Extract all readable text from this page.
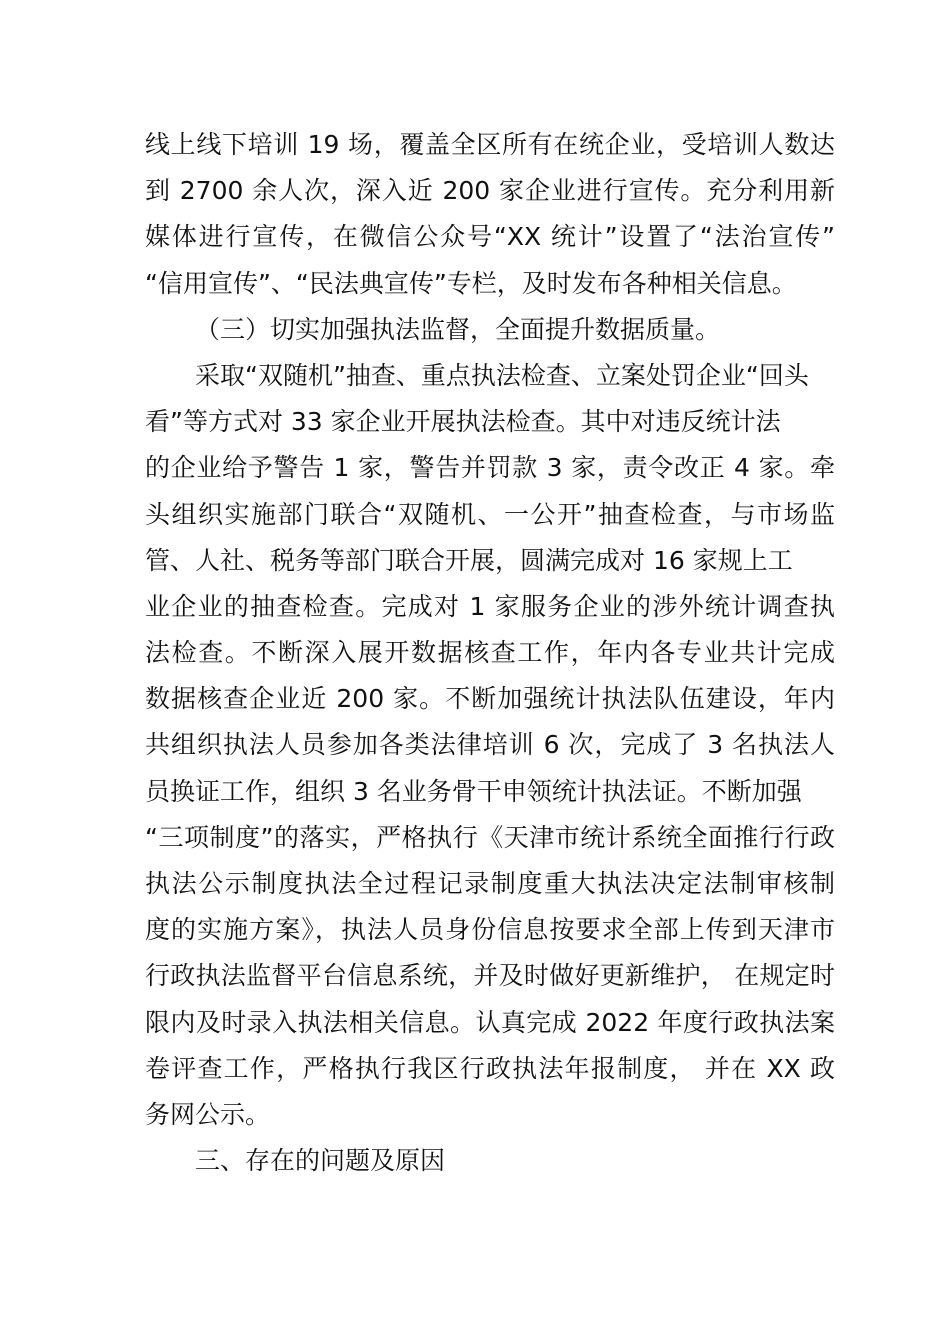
线上线下培训 19 场，覆盖全区所有在统企业，受培训人数达
到 2700 余人次，深入近 200 家企业进行宣传。充分利用新
媒体进行宣传，在微信公众号“XX 统计”设置了“法治宣传”
“信用宣传”、“民法典宣传”专栏，及时发布各种相关信息。
（三）切实加强执法监督，全面提升数据质量。
采取“双随机”抽查、重点执法检查、立案处罚企业“回头
看”等方式对 33 家企业开展执法检查。其中对违反统计法
的企业给予警告 1 家，警告并罚款 3 家，责令改正 4 家。牵
头组织实施部门联合“双随机、一公开”抽查检查，与市场监
管、人社、税务等部门联合开展，圆满完成对 16 家规上工
业企业的抽查检查。完成对 1 家服务企业的涉外统计调查执
法检查。不断深入展开数据核查工作，年内各专业共计完成
数据核查企业近 200 家。不断加强统计执法队伍建设，年内
共组织执法人员参加各类法律培训 6 次，完成了 3 名执法人
员换证工作，组织 3 名业务骨干申领统计执法证。不断加强
“三项制度”的落实，严格执行《天津市统计系统全面推行行政
执法公示制度执法全过程记录制度重大执法决定法制审核制
度的实施方案》，执法人员身份信息按要求全部上传到天津市
行政执法监督平台信息系统，并及时做好更新维护， 在规定时
限内及时录入执法相关信息。认真完成 2022 年度行政执法案
卷评查工作，严格执行我区行政执法年报制度， 并在 XX 政
务网公示。
三、存在的问题及原因
